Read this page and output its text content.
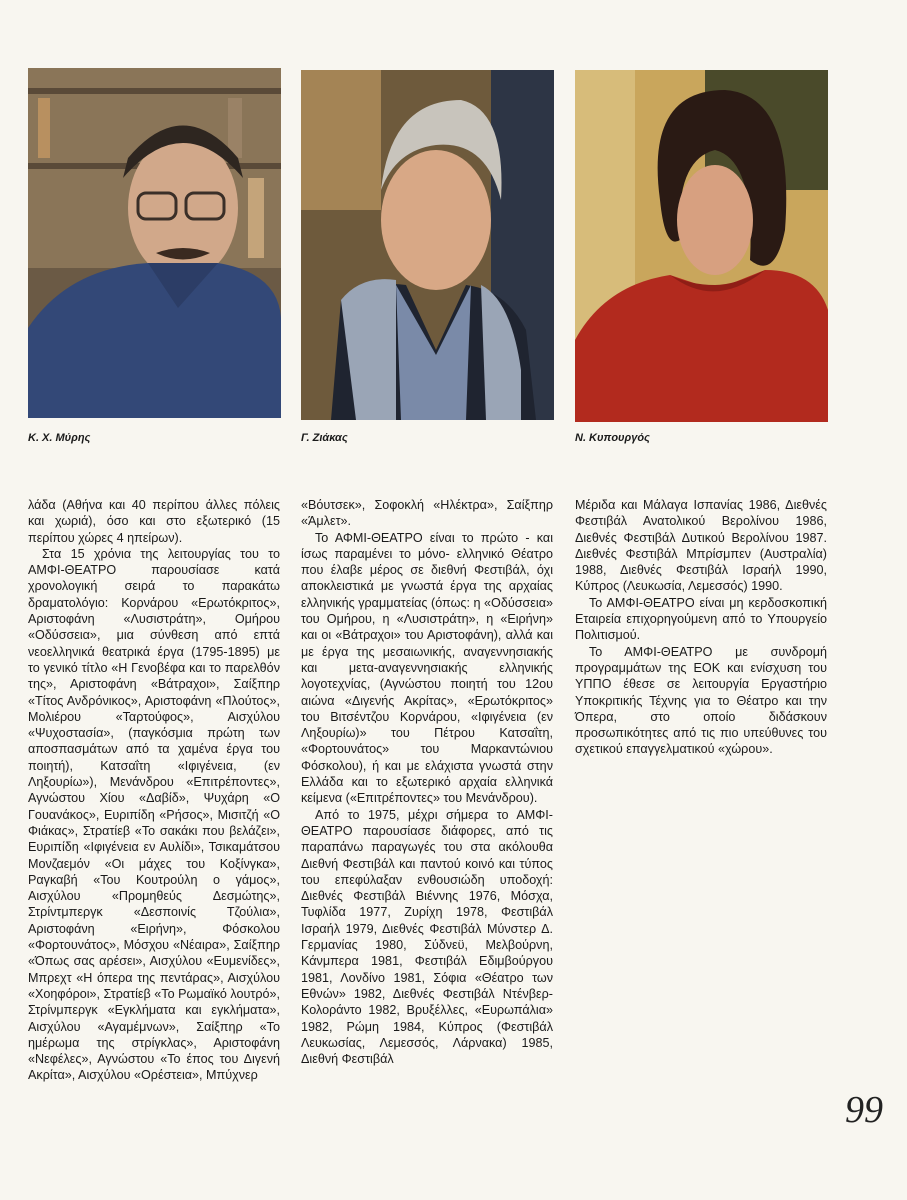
Κ. Χ. Μύρης	Γ. Ζιάκας	Ν. Κυπουργός

λάδα (Αθήνα και 40 περίπου άλλες πόλεις και χωριά), όσο και στο εξωτερικό (15 περίπου χώρες 4 ηπείρων).

Στα 15 χρόνια της λειτουργίας του το ΑΜΦΙ-ΘΕΑΤΡΟ παρουσίασε κατά χρονολογική σειρά το παρακάτω δραματολόγιο: Κορνάρου «Ερωτόκριτος», Αριστοφάνη «Λυσιστράτη», Ομήρου «Οδύσσεια», μια σύνθεση από επτά νεοελληνικά θεατρικά έργα (1795-1895) με το γενικό τίτλο «Η Γενοβέφα και το παρελθόν της», Αριστοφάνη «Βάτραχοι», Σαίξπηρ «Τίτος Ανδρόνικος», Αριστοφάνη «Πλούτος», Μολιέρου «Ταρτούφος», Αισχύλου «Ψυχοστασία», (παγκόσμια πρώτη των αποσπασμάτων από τα χαμένα έργα του ποιητή), Κατσαΐτη «Ιφιγένεια, (εν Ληξουρίω»), Μενάνδρου «Επιτρέποντες», Αγνώστου Χίου «Δαβίδ», Ψυχάρη «Ο Γουανάκος», Ευριπίδη «Ρήσος», Μισιτζή «Ο Φιάκας», Στρατίεβ «Το σακάκι που βελάζει», Ευριπίδη «Ιφιγένεια εν Αυλίδι», Τσικαμάτσου Μονζαεμόν «Οι μάχες του Κοξίνγκα», Ραγκαβή «Του Κουτρούλη ο γάμος», Αισχύλου «Προμηθεύς Δεσμώτης», Στρίντμπεργκ «Δεσποινίς Τζούλια», Αριστοφάνη «Ειρήνη», Φόσκολου «Φορτουνάτος», Μόσχου «Νέαιρα», Σαίξπηρ «Όπως σας αρέσει», Αισχύλου «Ευμενίδες», Μπρεχτ «Η όπερα της πεντάρας», Αισχύλου «Χοηφόροι», Στρατίεβ «Το Ρωμαϊκό λουτρό», Στρίνμπεργκ «Εγκλήματα και εγκλήματα», Αισχύλου «Αγαμέμνων», Σαίξπηρ «Το ημέρωμα της στρίγκλας», Αριστοφάνη «Νεφέλες», Αγνώστου «Το έπος του Διγενή Ακρίτα», Αισχύλου «Ορέστεια», Μπύχνερ

«Βόυτσεκ», Σοφοκλή «Ηλέκτρα», Σαίξπηρ «Άμλετ».

Το ΑΦΜΙ-ΘΕΑΤΡΟ είναι το πρώτο - και ίσως παραμένει το μόνο- ελληνικό Θέατρο που έλαβε μέρος σε διεθνή Φεστιβάλ, όχι αποκλειστικά με γνωστά έργα της αρχαίας ελληνικής γραμματείας (όπως: η «Οδύσσεια» του Ομήρου, η «Λυσιστράτη», η «Ειρήνη» και οι «Βάτραχοι» του Αριστοφάνη), αλλά και με έργα της μεσαιωνικής, αναγεννησιακής και μετα-αναγεννησιακής ελληνικής λογοτεχνίας, (Αγνώστου ποιητή του 12ου αιώνα «Διγενής Ακρίτας», «Ερωτόκριτος» του Βιτσέντζου Κορνάρου, «Ιφιγένεια (εν Ληξουρίω)» του Πέτρου Κατσαΐτη, «Φορτουνάτος» του Μαρκαντώνιου Φόσκολου), ή και με ελάχιστα γνωστά στην Ελλάδα και το εξωτερικό αρχαία ελληνικά κείμενα («Επιτρέποντες» του Μενάνδρου).

Από το 1975, μέχρι σήμερα το ΑΜΦΙ-ΘΕΑΤΡΟ παρουσίασε διάφορες, από τις παραπάνω παραγωγές του στα ακόλουθα Διεθνή Φεστιβάλ και παντού κοινό και τύπος του επεφύλαξαν ενθουσιώδη υποδοχή: Διεθνές Φεστιβάλ Βιέννης 1976, Μόσχα, Τυφλίδα 1977, Ζυρίχη 1978, Φεστιβάλ Ισραήλ 1979, Διεθνές Φεστιβάλ Μύνστερ Δ. Γερμανίας 1980, Σύδνεϋ, Μελβούρνη, Κάνμπερα 1981, Φεστιβάλ Εδιμβούργου 1981, Λονδίνο 1981, Σόφια «Θέατρο των Εθνών» 1982, Διεθνές Φεστιβάλ Ντένβερ-Κολοράντο 1982, Βρυξέλλες, «Ευρωπάλια» 1982, Ρώμη 1984, Κύπρος (Φεστιβάλ Λευκωσίας, Λεμεσσός, Λάρνακα) 1985, Διεθνή Φεστιβάλ

Μέριδα και Μάλαγα Ισπανίας 1986, Διεθνές Φεστιβάλ Ανατολικού Βερολίνου 1986, Διεθνές Φεστιβάλ Δυτικού Βερολίνου 1987. Διεθνές Φεστιβάλ Μπρίσμπεν (Αυστραλία) 1988, Διεθνές Φεστιβάλ Ισραήλ 1990, Κύπρος (Λευκωσία, Λεμεσσός) 1990.

Το ΑΜΦΙ-ΘΕΑΤΡΟ είναι μη κερδοσκοπική Εταιρεία επιχορηγούμενη από το Υπουργείο Πολιτισμού.

Το ΑΜΦΙ-ΘΕΑΤΡΟ με συνδρομή προγραμμάτων της ΕΟΚ και ενίσχυση του ΥΠΠΟ έθεσε σε λειτουργία Εργαστήριο Υποκριτικής Τέχνης για το Θέατρο και την Όπερα, στο οποίο διδάσκουν προσωπικότητες από τις πιο υπεύθυνες του σχετικού επαγγελματικού «χώρου».

99
